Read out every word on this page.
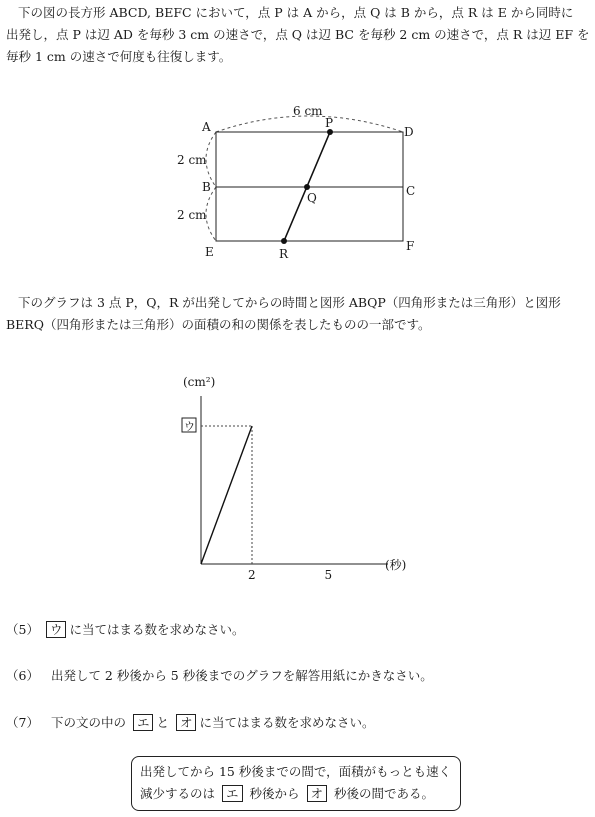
下の図の長方形 ABCD, BEFC において，点 P は A から，点 Q は B から，点 R は E から同時に
出発し，点 P は辺 AD を毎秒 3 cm の速さで，点 Q は辺 BC を毎秒 2 cm の速さで，点 R は辺 EF を
毎秒 1 cm の速さで何度も往復します。
6 cm
2 cm
2 cm
A
B
E
D
C
F
P
Q
R
下のグラフは 3 点 P，Q，R が出発してからの時間と図形 ABQP（四角形または三角形）と図形
BERQ（四角形または三角形）の面積の和の関係を表したものの一部です。
(cm²)
(秒)
ウ
2	5
（5） ウ に当てはまる数を求めなさい。
（6） 出発して 2 秒後から 5 秒後までのグラフを解答用紙にかきなさい。
（7） 下の文の中の エ と オ に当てはまる数を求めなさい。
出発してから 15 秒後までの間で，面積がもっとも速く
減少するのは エ 秒後から オ 秒後の間である。
